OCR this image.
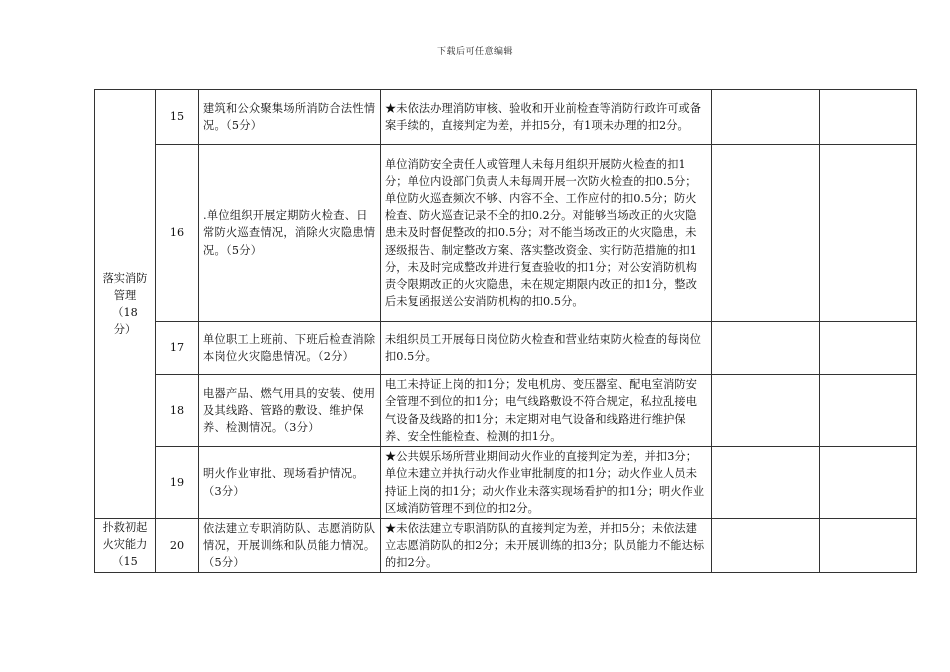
下载后可任意编辑
落实消防
管理
（18
分）	15	建筑和公众聚集场所消防合法性情况。（5分）	★未依法办理消防审核、验收和开业前检查等消防行政许可或备案手续的，直接判定为差，并扣5分，有1项未办理的扣2分。		
	16	.单位组织开展定期防火检查、日常防火巡查情况，消除火灾隐患情况。（5分）	单位消防安全责任人或管理人未每月组织开展防火检查的扣1分；单位内设部门负责人未每周开展一次防火检查的扣0.5分；单位防火巡查频次不够、内容不全、工作应付的扣0.5分；防火检查、防火巡查记录不全的扣0.2分。对能够当场改正的火灾隐患未及时督促整改的扣0.5分；对不能当场改正的火灾隐患，未逐级报告、制定整改方案、落实整改资金、实行防范措施的扣1分，未及时完成整改并进行复查验收的扣1分；对公安消防机构责令限期改正的火灾隐患，未在规定期限内改正的扣1分，整改后未复函报送公安消防机构的扣0.5分。		
	17	单位职工上班前、下班后检查消除本岗位火灾隐患情况。（2分）	未组织员工开展每日岗位防火检查和营业结束防火检查的每岗位扣0.5分。		
	18	电器产品、燃气用具的安装、使用及其线路、管路的敷设、维护保养、检测情况。（3分）	电工未持证上岗的扣1分；发电机房、变压器室、配电室消防安全管理不到位的扣1分；电气线路敷设不符合规定，私拉乱接电气设备及线路的扣1分；未定期对电气设备和线路进行维护保养、安全性能检查、检测的扣1分。		
	19	明火作业审批、现场看护情况。（3分）	★公共娱乐场所营业期间动火作业的直接判定为差，并扣3分；单位未建立并执行动火作业审批制度的扣1分；动火作业人员未持证上岗的扣1分；动火作业未落实现场看护的扣1分；明火作业区域消防管理不到位的扣2分。		
扑救初起
火灾能力
（15	20	依法建立专职消防队、志愿消防队情况，开展训练和队员能力情况。（5分）	★未依法建立专职消防队的直接判定为差，并扣5分；未依法建立志愿消防队的扣2分；未开展训练的扣3分；队员能力不能达标的扣2分。		
